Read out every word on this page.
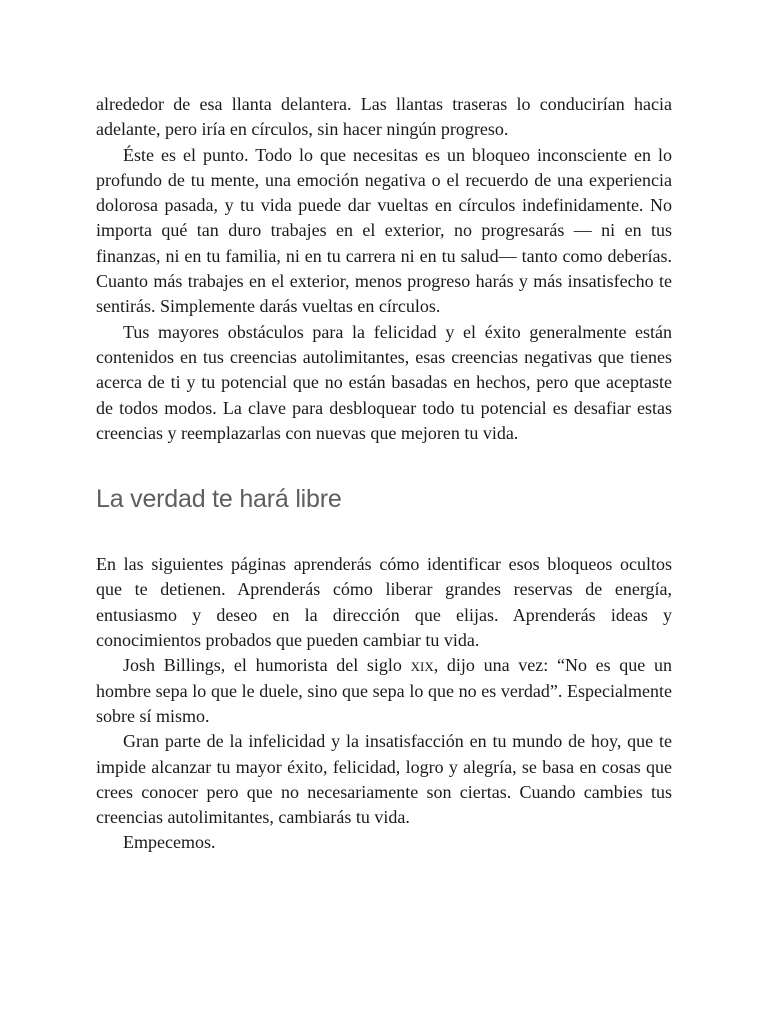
alrededor de esa llanta delantera. Las llantas traseras lo conducirían hacia adelante, pero iría en círculos, sin hacer ningún progreso.

Éste es el punto. Todo lo que necesitas es un bloqueo inconsciente en lo profundo de tu mente, una emoción negativa o el recuerdo de una experiencia dolorosa pasada, y tu vida puede dar vueltas en círculos indefinidamente. No importa qué tan duro trabajes en el exterior, no progresarás — ni en tus finanzas, ni en tu familia, ni en tu carrera ni en tu salud— tanto como deberías. Cuanto más trabajes en el exterior, menos progreso harás y más insatisfecho te sentirás. Simplemente darás vueltas en círculos.

Tus mayores obstáculos para la felicidad y el éxito generalmente están contenidos en tus creencias autolimitantes, esas creencias negativas que tienes acerca de ti y tu potencial que no están basadas en hechos, pero que aceptaste de todos modos. La clave para desbloquear todo tu potencial es desafiar estas creencias y reemplazarlas con nuevas que mejoren tu vida.

La verdad te hará libre

En las siguientes páginas aprenderás cómo identificar esos bloqueos ocultos que te detienen. Aprenderás cómo liberar grandes reservas de energía, entusiasmo y deseo en la dirección que elijas. Aprenderás ideas y conocimientos probados que pueden cambiar tu vida.

Josh Billings, el humorista del siglo xix, dijo una vez: “No es que un hombre sepa lo que le duele, sino que sepa lo que no es verdad”. Especialmente sobre sí mismo.

Gran parte de la infelicidad y la insatisfacción en tu mundo de hoy, que te impide alcanzar tu mayor éxito, felicidad, logro y alegría, se basa en cosas que crees conocer pero que no necesariamente son ciertas. Cuando cambies tus creencias autolimitantes, cambiarás tu vida.

Empecemos.
